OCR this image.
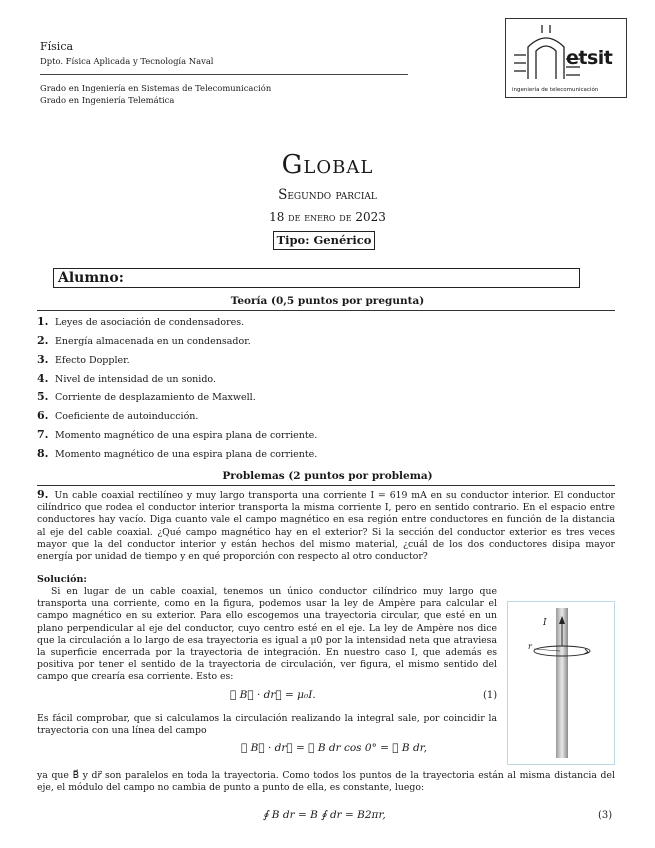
Física
Dpto. Física Aplicada y Tecnología Naval
Grado en Ingeniería en Sistemas de Telecomunicación
Grado en Ingeniería Telemática
etsit
ingeniería de telecomunicación
Global
Segundo parcial
18 de enero de 2023
Tipo: Genérico
Alumno:
Teoría (0,5 puntos por pregunta)
1. Leyes de asociación de condensadores.
2. Energía almacenada en un condensador.
3. Efecto Doppler.
4. Nivel de intensidad de un sonido.
5. Corriente de desplazamiento de Maxwell.
6. Coeficiente de autoinducción.
7. Momento magnético de una espira plana de corriente.
8. Momento magnético de una espira plana de corriente.
Problemas (2 puntos por problema)
9. Un cable coaxial rectilíneo y muy largo transporta una corriente I = 619 mA en su conductor interior. El conductor cilíndrico que rodea el conductor interior transporta la misma corriente I, pero en sentido contrario. En el espacio entre conductores hay vacío. Diga cuanto vale el campo magnético en esa región entre conductores en función de la distancia al eje del cable coaxial. ¿Qué campo magnético hay en el exterior? Si la sección del conductor exterior es tres veces mayor que la del conductor interior y están hechos del mismo material, ¿cuál de los dos conductores disipa mayor energía por unidad de tiempo y en qué proporción con respecto al otro conductor?
Solución:
Si en lugar de un cable coaxial, tenemos un único conductor cilíndrico muy largo que transporta una corriente, como en la figura, podemos usar la ley de Ampère para calcular el campo magnético en su exterior. Para ello escogemos una trayectoria circular, que esté en un plano perpendicular al eje del conductor, cuyo centro esté en el eje. La ley de Ampère nos dice que la circulación a lo largo de esa trayectoria es igual a μ0 por la intensidad neta que atraviesa la superficie encerrada por la trayectoria de integración. En nuestro caso I, que además es positiva por tener el sentido de la trayectoria de circulación, ver figura, el mismo sentido del campo que crearía esa corriente. Esto es:
∮ B⃗ · dr⃗ = μ₀I.	(1)
Es fácil comprobar, que si calculamos la circulación realizando la integral sale, por coincidir la trayectoria con una línea del campo
∮ B⃗ · dr⃗ = ∮ B dr cos 0° = ∮ B dr,
ya que B⃗ y dr⃗ son paralelos en toda la trayectoria. Como todos los puntos de la trayectoria están al misma distancia del eje, el módulo del campo no cambia de punto a punto de ella, es constante, luego:
∮ B dr = B ∮ dr = B2πr,	(3)
I
r
